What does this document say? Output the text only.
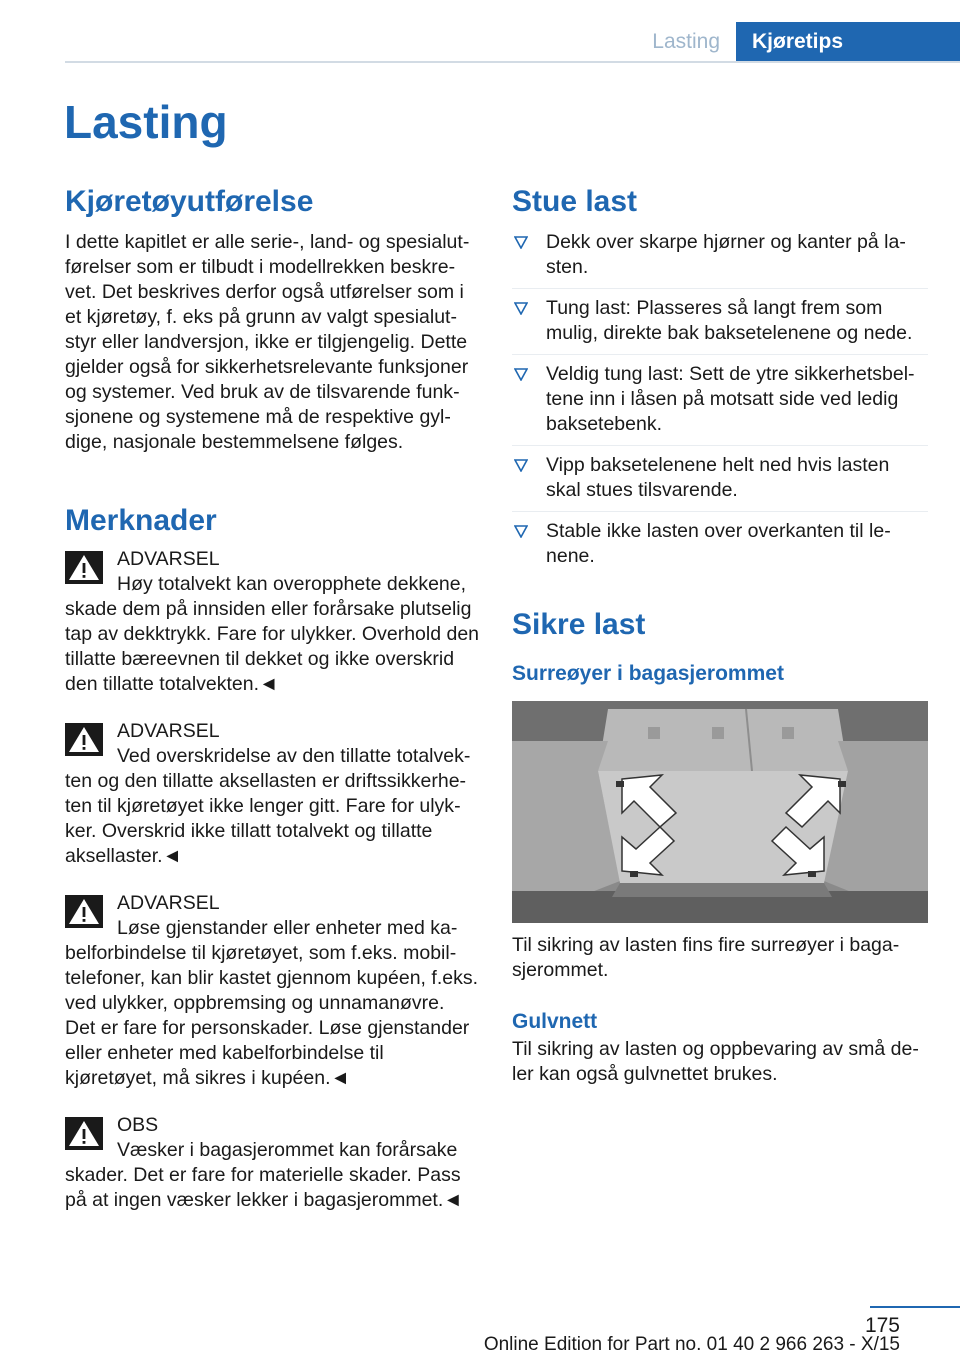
Lasting	Kjøretips
Lasting
Kjøretøyutførelse

I dette kapitlet er alle serie-, land- og spesialutførelser som er tilbudt i modellrekken beskrevet. Det beskrives derfor også utførelser som i et kjøretøy, f. eks på grunn av valgt spesialutstyr eller landversjon, ikke er tilgjengelig. Dette gjelder også for sikkerhetsrelevante funksjoner og systemer. Ved bruk av de tilsvarende funksjonene og systemene må de respektive gyldige, nasjonale bestemmelsene følges.

Merknader
ADVARSEL

Høy totalvekt kan overopphete dekkene, skade dem på innsiden eller forårsake plutselig tap av dekktrykk. Fare for ulykker. Overhold den tillatte bæreevnen til dekket og ikke overskrid den tillatte totalvekten.◄

ADVARSEL

Ved overskridelse av den tillatte totalvekten og den tillatte aksellasten er driftssikkerheten til kjøretøyet ikke lenger gitt. Fare for ulykker. Overskrid ikke tillatt totalvekt og tillatte aksellaster.◄

ADVARSEL

Løse gjenstander eller enheter med kabelforbindelse til kjøretøyet, som f.eks. mobiltelefoner, kan blir kastet gjennom kupéen, f.eks. ved ulykker, oppbremsing og unnamanøvre. Det er fare for personskader. Løse gjenstander eller enheter med kabelforbindelse til kjøretøyet, må sikres i kupéen.◄

OBS

Væsker i bagasjerommet kan forårsake skader. Det er fare for materielle skader. Pass på at ingen væsker lekker i bagasjerommet.◄

Stue last
Dekk over skarpe hjørner og kanter på lasten.
Tung last: Plasseres så langt frem som mulig, direkte bak baksetelenene og nede.
Veldig tung last: Sett de ytre sikkerhetsbeltene inn i låsen på motsatt side ved ledig baksetebenk.
Vipp baksetelenene helt ned hvis lasten skal stues tilsvarende.
Stable ikke lasten over overkanten til lenene.
Sikre last
Surreøyer i bagasjerommet

Til sikring av lasten fins fire surreøyer i bagasjerommet.

Gulvnett

Til sikring av lasten og oppbevaring av små deler kan også gulvnettet brukes.

175
Online Edition for Part no. 01 40 2 966 263 - X/15
